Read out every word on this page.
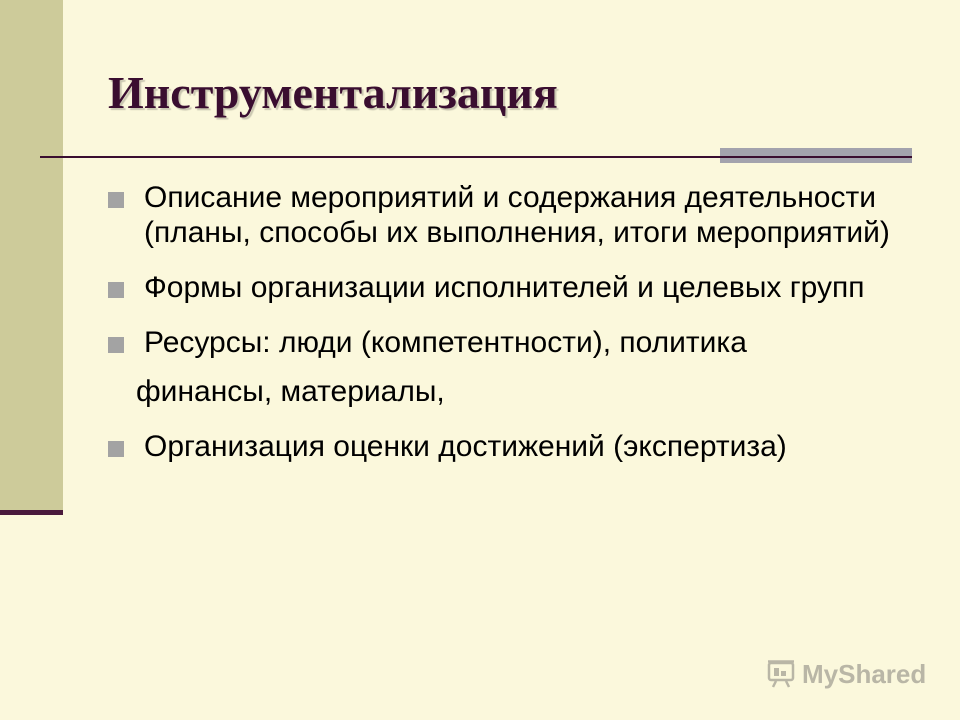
Инструментализация
Описание мероприятий и содержания деятельности (планы, способы их выполнения, итоги мероприятий)
Формы организации исполнителей и целевых групп
Ресурсы: люди (компетентности), политика
финансы, материалы,
Организация оценки достижений (экспертиза)
MyShared
